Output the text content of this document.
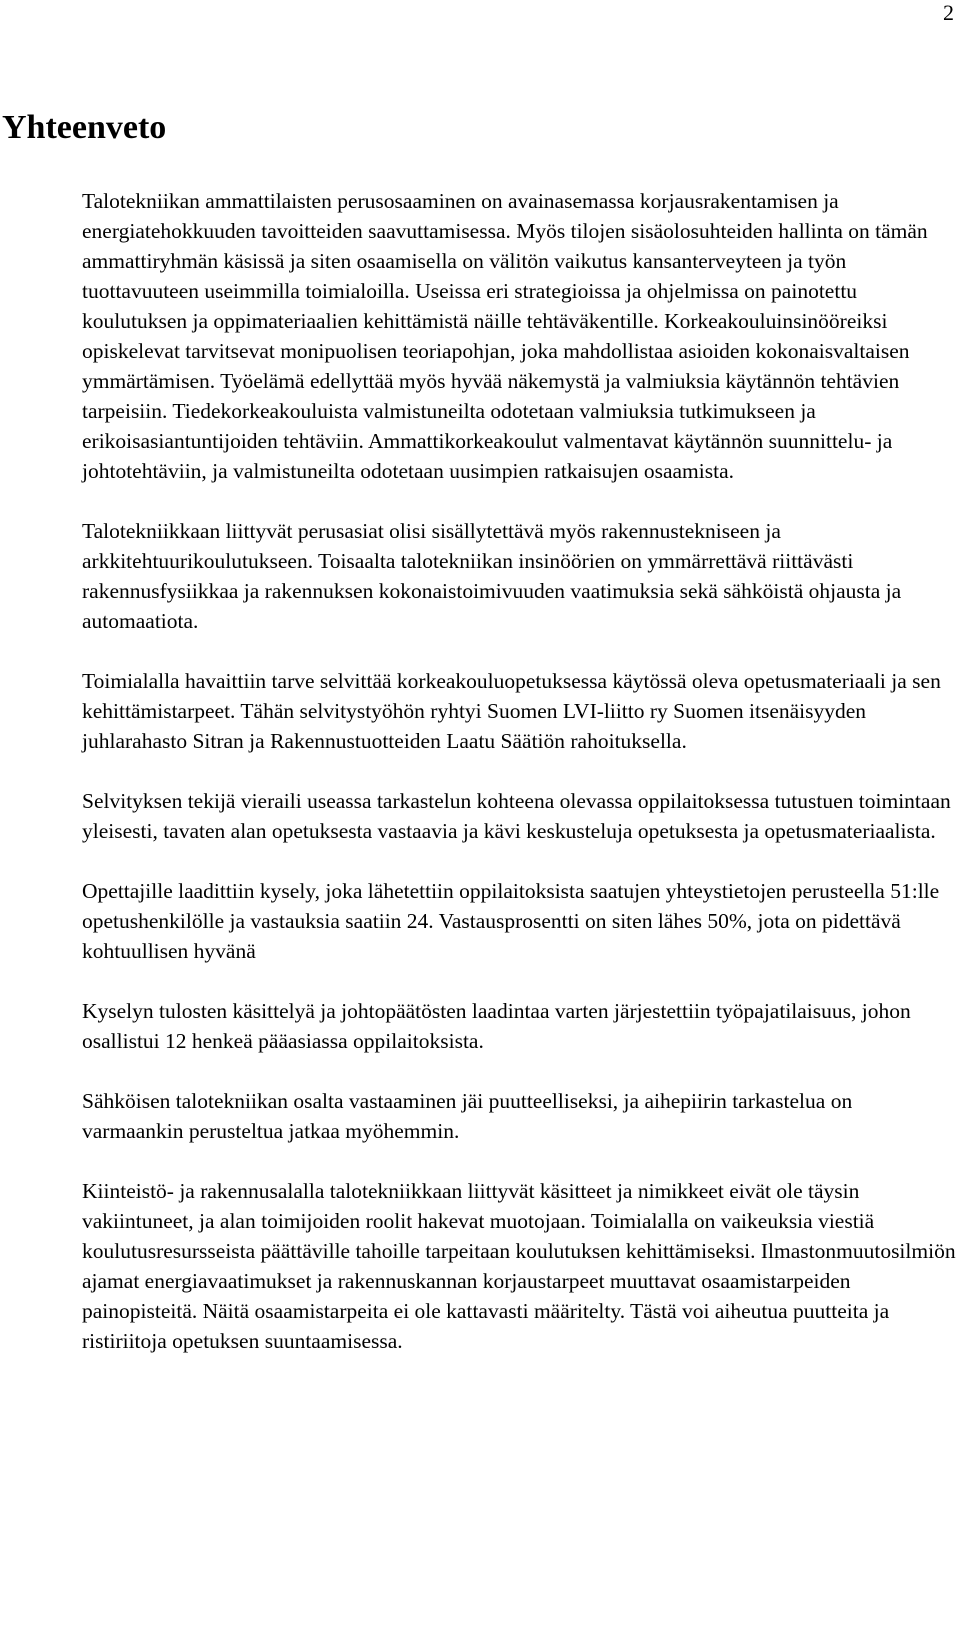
2
Yhteenveto

Talotekniikan ammattilaisten perusosaaminen on avainasemassa korjausrakentamisen ja energiatehokkuuden tavoitteiden saavuttamisessa. Myös tilojen sisäolosuhteiden hallinta on tämän ammattiryhmän käsissä ja siten osaamisella on välitön vaikutus kansanterveyteen ja työn tuottavuuteen useimmilla toimialoilla. Useissa eri strategioissa ja ohjelmissa on painotettu koulutuksen ja oppimateriaalien kehittämistä näille tehtäväkentille. Korkeakouluinsinööreiksi opiskelevat tarvitsevat monipuolisen teoriapohjan, joka mahdollistaa asioiden kokonaisvaltaisen ymmärtämisen. Työelämä edellyttää myös hyvää näkemystä ja valmiuksia käytännön tehtävien tarpeisiin. Tiedekorkeakouluista valmistuneilta odotetaan valmiuksia tutkimukseen ja erikoisasiantuntijoiden tehtäviin. Ammattikorkeakoulut valmentavat käytännön suunnittelu- ja johtotehtäviin, ja valmistuneilta odotetaan uusimpien ratkaisujen osaamista.

Talotekniikkaan liittyvät perusasiat olisi sisällytettävä myös rakennustekniseen ja arkkitehtuurikoulutukseen. Toisaalta talotekniikan insinöörien on ymmärrettävä riittävästi rakennusfysiikkaa ja rakennuksen kokonaistoimivuuden vaatimuksia sekä sähköistä ohjausta ja automaatiota.

Toimialalla havaittiin tarve selvittää korkeakouluopetuksessa käytössä oleva opetusmateriaali ja sen kehittämistarpeet. Tähän selvitystyöhön ryhtyi Suomen LVI-liitto ry Suomen itsenäisyyden juhlarahasto Sitran ja Rakennustuotteiden Laatu Säätiön rahoituksella.

Selvityksen tekijä vieraili useassa tarkastelun kohteena olevassa oppilaitoksessa tutustuen toimintaan yleisesti, tavaten alan opetuksesta vastaavia ja kävi keskusteluja opetuksesta ja opetusmateriaalista.

Opettajille laadittiin kysely, joka lähetettiin oppilaitoksista saatujen yhteystietojen perusteella 51:lle opetushenkilölle ja vastauksia saatiin 24. Vastausprosentti on siten lähes 50%, jota on pidettävä kohtuullisen hyvänä

Kyselyn tulosten käsittelyä ja johtopäätösten laadintaa varten järjestettiin työpajatilaisuus, johon osallistui 12 henkeä pääasiassa oppilaitoksista.

Sähköisen talotekniikan osalta vastaaminen jäi puutteelliseksi, ja aihepiirin tarkastelua on varmaankin perusteltua jatkaa myöhemmin.

Kiinteistö- ja rakennusalalla talotekniikkaan liittyvät käsitteet ja nimikkeet eivät ole täysin vakiintuneet, ja alan toimijoiden roolit hakevat muotojaan. Toimialalla on vaikeuksia viestiä koulutusresursseista päättäville tahoille tarpeitaan koulutuksen kehittämiseksi. Ilmastonmuutosilmiön ajamat energiavaatimukset ja rakennuskannan korjaustarpeet muuttavat osaamistarpeiden painopisteitä. Näitä osaamistarpeita ei ole kattavasti määritelty. Tästä voi aiheutua puutteita ja ristiriitoja opetuksen suuntaamisessa.
